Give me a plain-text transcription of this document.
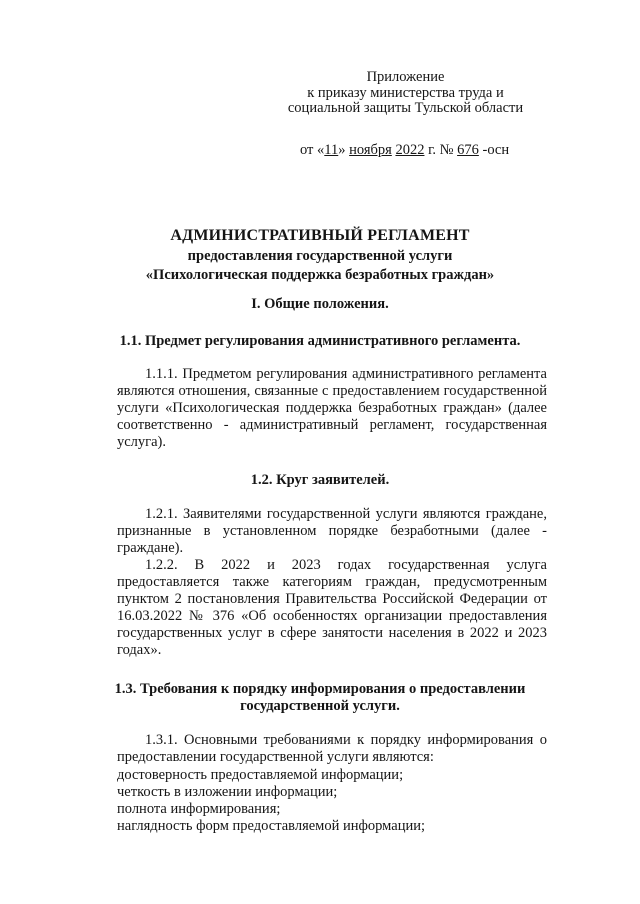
Приложение
к приказу министерства труда и
социальной защиты Тульской области
от «11» ноября 2022 г. № 676 -осн
АДМИНИСТРАТИВНЫЙ РЕГЛАМЕНТ
предоставления государственной услуги
«Психологическая поддержка безработных граждан»
I. Общие положения.
1.1. Предмет регулирования административного регламента.
1.1.1. Предметом регулирования административного регламента являются отношения, связанные с предоставлением государственной услуги «Психологическая поддержка безработных граждан» (далее соответственно - административный регламент, государственная услуга).
1.2. Круг заявителей.
1.2.1. Заявителями государственной услуги являются граждане, признанные в установленном порядке безработными (далее - граждане).
1.2.2. В 2022 и 2023 годах государственная услуга предоставляется также категориям граждан, предусмотренным пунктом 2 постановления Правительства Российской Федерации от 16.03.2022 № 376 «Об особенностях организации предоставления государственных услуг в сфере занятости населения в 2022 и 2023 годах».
1.3. Требования к порядку информирования о предоставлении
государственной услуги.
1.3.1. Основными требованиями к порядку информирования о предоставлении государственной услуги являются:
достоверность предоставляемой информации;
четкость в изложении информации;
полнота информирования;
наглядность форм предоставляемой информации;
